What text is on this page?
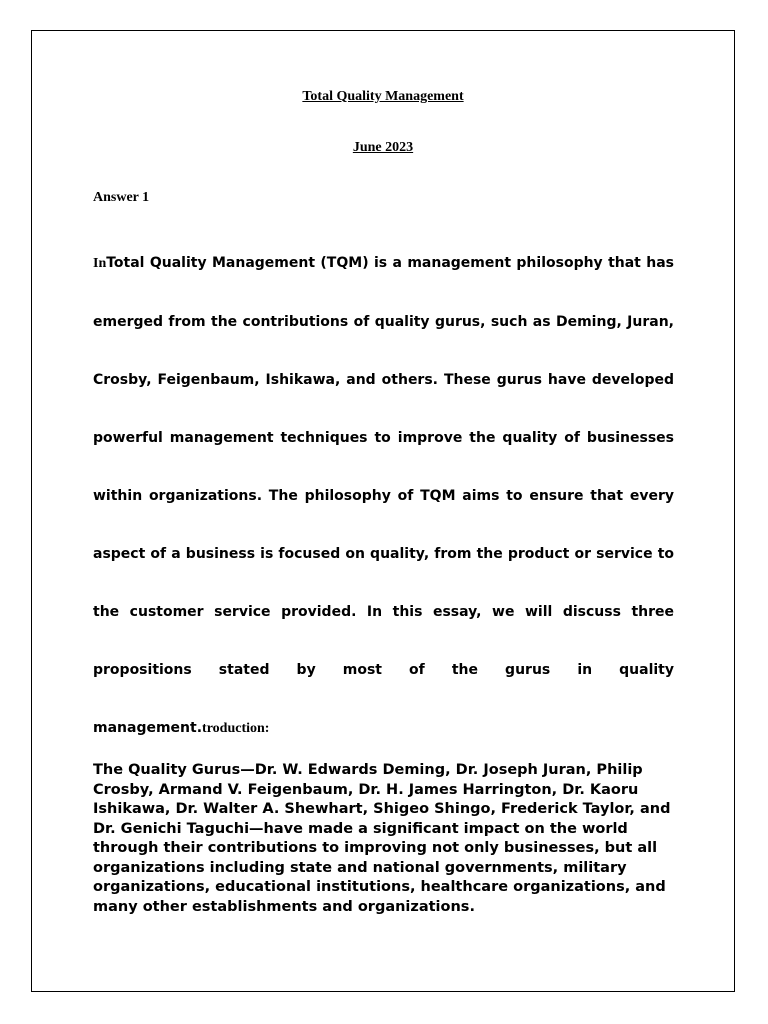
Total Quality Management

June 2023

Answer 1

InTotal Quality Management (TQM) is a management philosophy that has emerged from the contributions of quality gurus, such as Deming, Juran, Crosby, Feigenbaum, Ishikawa, and others. These gurus have developed powerful management techniques to improve the quality of businesses within organizations. The philosophy of TQM aims to ensure that every aspect of a business is focused on quality, from the product or service to the customer service provided. In this essay, we will discuss three propositions stated by most of the gurus in quality management.troduction:

The Quality Gurus—Dr. W. Edwards Deming, Dr. Joseph Juran, Philip Crosby, Armand V. Feigenbaum, Dr. H. James Harrington, Dr. Kaoru Ishikawa, Dr. Walter A. Shewhart, Shigeo Shingo, Frederick Taylor, and Dr. Genichi Taguchi—have made a significant impact on the world through their contributions to improving not only businesses, but all organizations including state and national governments, military organizations, educational institutions, healthcare organizations, and many other establishments and organizations.
